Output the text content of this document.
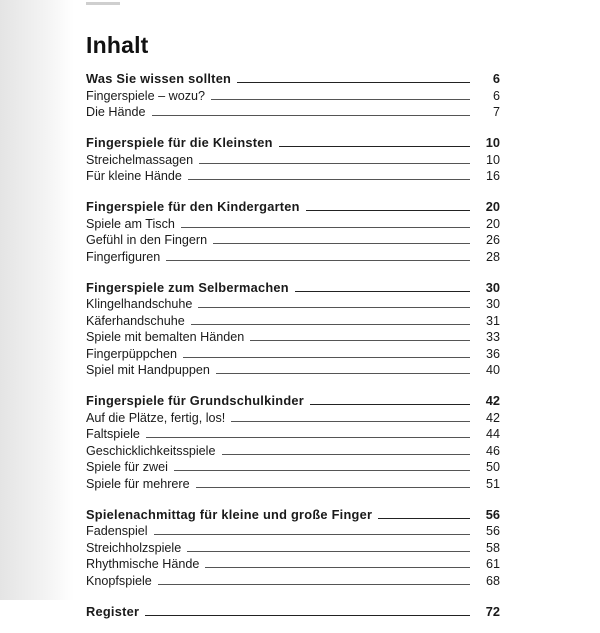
Inhalt
Was Sie wissen sollten	6
Fingerspiele – wozu?	6
Die Hände	7
Fingerspiele für die Kleinsten	10
Streichelmassagen	10
Für kleine Hände	16
Fingerspiele für den Kindergarten	20
Spiele am Tisch	20
Gefühl in den Fingern	26
Fingerfiguren	28
Fingerspiele zum Selbermachen	30
Klingelhandschuhe	30
Käferhandschuhe	31
Spiele mit bemalten Händen	33
Fingerpüppchen	36
Spiel mit Handpuppen	40
Fingerspiele für Grundschulkinder	42
Auf die Plätze, fertig, los!	42
Faltspiele	44
Geschicklichkeitsspiele	46
Spiele für zwei	50
Spiele für mehrere	51
Spielenachmittag für kleine und große Finger	56
Fadenspiel	56
Streichholzspiele	58
Rhythmische Hände	61
Knopfspiele	68
Register	72
